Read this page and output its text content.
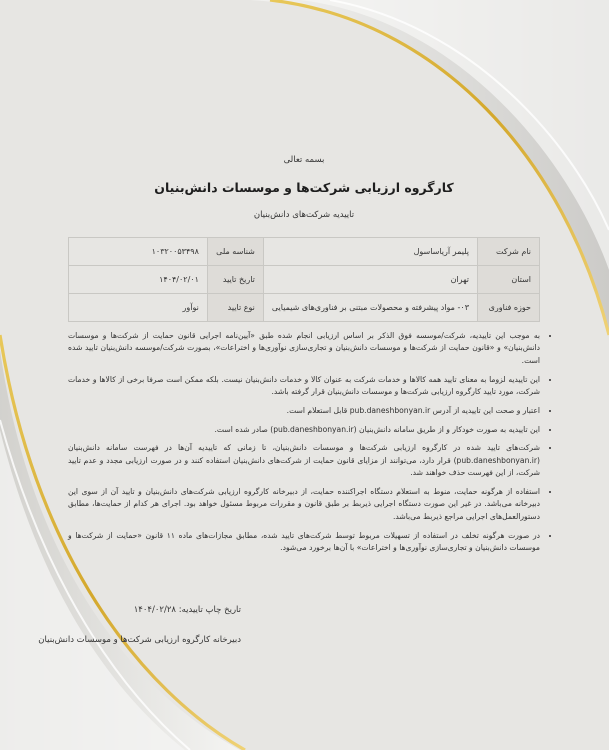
بسمه تعالی
کارگروه ارزیابی شرکت‌ها و موسسات دانش‌بنیان
تاییدیه شرکت‌های دانش‌بنیان
نام شرکت	پلیمر آریاساسول	شناسه ملی	۱۰۳۲۰۰۵۳۴۹۸
استان	تهران	تاریخ تایید	۱۴۰۴/۰۲/۰۱
حوزه فناوری	۰۳- مواد پیشرفته و محصولات مبتنی بر فناوری‌های شیمیایی	نوع تایید	نوآور
• به موجب این تاییدیه، شرکت/موسسه فوق الذکر بر اساس ارزیابی انجام شده طبق «آیین‌نامه اجرایی قانون حمایت از شرکت‌ها و موسسات دانش‌بنیان» و «قانون حمایت از شرکت‌ها و موسسات دانش‌بنیان و تجاری‌سازی نوآوری‌ها و اختراعات»، بصورت شرکت/موسسه دانش‌بنیان تایید شده است.
• این تاییدیه لزوما به معنای تایید همه کالاها و خدمات شرکت به عنوان کالا و خدمات دانش‌بنیان نیست. بلکه ممکن است صرفا برخی از کالاها و خدمات شرکت، مورد تایید کارگروه ارزیابی شرکت‌ها و موسسات دانش‌بنیان قرار گرفته باشد.
• اعتبار و صحت این تاییدیه از آدرس pub.daneshbonyan.ir قابل استعلام است.
• این تاییدیه به صورت خودکار و از طریق سامانه دانش‌بنیان (pub.daneshbonyan.ir) صادر شده است.
• شرکت‌های تایید شده در کارگروه ارزیابی شرکت‌ها و موسسات دانش‌بنیان، تا زمانی که تاییدیه آن‌ها در فهرست سامانه دانش‌بنیان (pub.daneshbonyan.ir) قرار دارد، می‌توانند از مزایای قانون حمایت از شرکت‌های دانش‌بنیان استفاده کنند و در صورت ارزیابی مجدد و عدم تایید شرکت، از این فهرست حذف خواهند شد.
• استفاده از هرگونه حمایت، منوط به استعلام دستگاه اجراکننده حمایت، از دبیرخانه کارگروه ارزیابی شرکت‌های دانش‌بنیان و تایید آن از سوی این دبیرخانه می‌باشد. در غیر این صورت دستگاه اجرایی ذیربط بر طبق قانون و مقررات مربوط مسئول خواهد بود. اجرای هر کدام از حمایت‌ها، مطابق دستورالعمل‌های اجرایی مراجع ذیربط می‌باشد.
• در صورت هرگونه تخلف در استفاده از تسهیلات مربوط توسط شرکت‌های تایید شده، مطابق مجازات‌های ماده ۱۱ قانون «حمایت از شرکت‌ها و موسسات دانش‌بنیان و تجاری‌سازی نوآوری‌ها و اختراعات» با آن‌ها برخورد می‌شود.
تاریخ چاپ تاییدیه: ۱۴۰۴/۰۲/۲۸
دبیرخانه کارگروه ارزیابی شرکت‌ها و موسسات دانش‌بنیان
